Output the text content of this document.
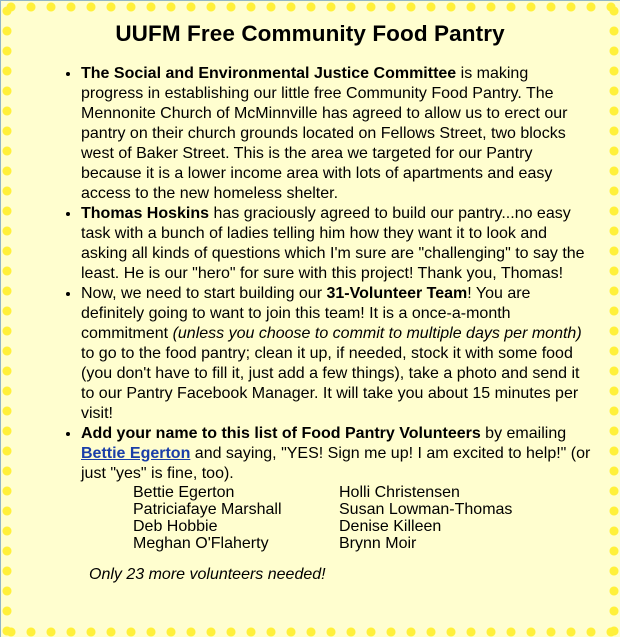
UUFM Free Community Food Pantry
• The Social and Environmental Justice Committee is making progress in establishing our little free Community Food Pantry. The Mennonite Church of McMinnville has agreed to allow us to erect our pantry on their church grounds located on Fellows Street, two blocks west of Baker Street. This is the area we targeted for our Pantry because it is a lower income area with lots of apartments and easy access to the new homeless shelter.
• Thomas Hoskins has graciously agreed to build our pantry...no easy task with a bunch of ladies telling him how they want it to look and asking all kinds of questions which I'm sure are "challenging" to say the least. He is our "hero" for sure with this project! Thank you, Thomas!
• Now, we need to start building our 31-Volunteer Team! You are definitely going to want to join this team! It is a once-a-month commitment (unless you choose to commit to multiple days per month) to go to the food pantry; clean it up, if needed, stock it with some food (you don't have to fill it, just add a few things), take a photo and send it to our Pantry Facebook Manager. It will take you about 15 minutes per visit!
• Add your name to this list of Food Pantry Volunteers by emailing Bettie Egerton and saying, "YES! Sign me up! I am excited to help!" (or just "yes" is fine, too).
Bettie Egerton	Holli Christensen
Patriciafaye Marshall	Susan Lowman-Thomas
Deb Hobbie	Denise Killeen
Meghan O'Flaherty	Brynn Moir
Only 23 more volunteers needed!
